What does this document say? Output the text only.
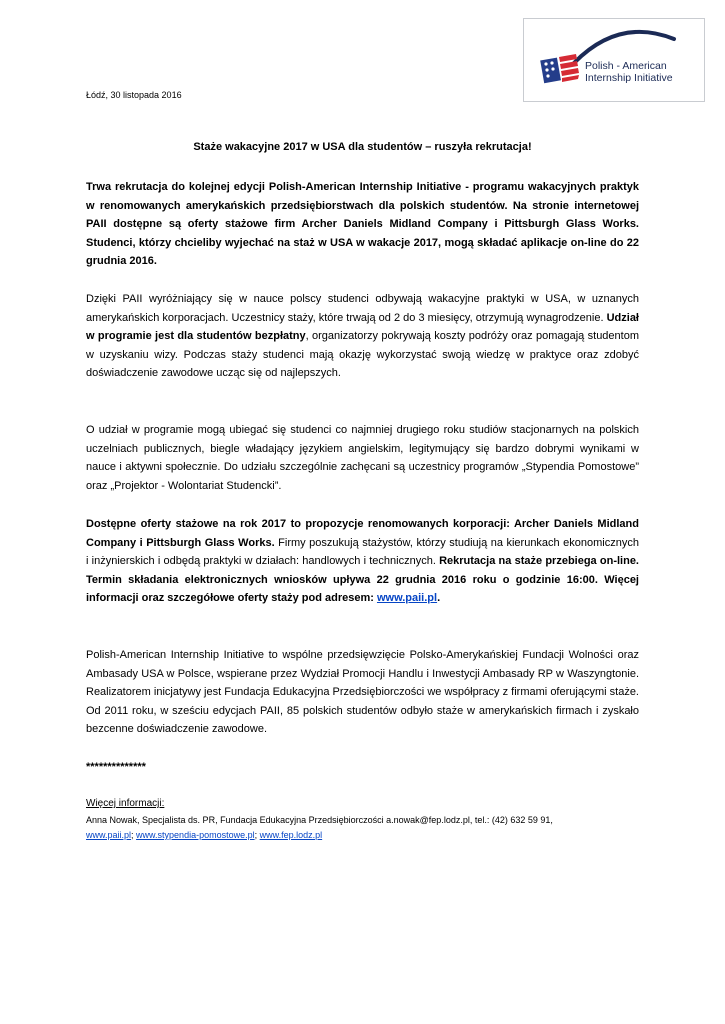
Polish - American
Internship Initiative
Łódź, 30 listopada 2016
Staże wakacyjne 2017 w USA dla studentów – ruszyła rekrutacja!

Trwa rekrutacja do kolejnej edycji Polish-American Internship Initiative - programu wakacyjnych praktyk w renomowanych amerykańskich przedsiębiorstwach dla polskich studentów. Na stronie internetowej PAII dostępne są oferty stażowe firm Archer Daniels Midland Company i Pittsburgh Glass Works. Studenci, którzy chcieliby wyjechać na staż w USA w wakacje 2017, mogą składać aplikacje on-line do 22 grudnia 2016.

Dzięki PAII wyróżniający się w nauce polscy studenci odbywają wakacyjne praktyki w USA, w uznanych amerykańskich korporacjach. Uczestnicy staży, które trwają od 2 do 3 miesięcy, otrzymują wynagrodzenie. Udział w programie jest dla studentów bezpłatny, organizatorzy pokrywają koszty podróży oraz pomagają studentom w uzyskaniu wizy. Podczas staży studenci mają okazję wykorzystać swoją wiedzę w praktyce oraz zdobyć doświadczenie zawodowe ucząc się od najlepszych.

O udział w programie mogą ubiegać się studenci co najmniej drugiego roku studiów stacjonarnych na polskich uczelniach publicznych, biegle władający językiem angielskim, legitymujący się bardzo dobrymi wynikami w nauce i aktywni społecznie. Do udziału szczególnie zachęcani są uczestnicy programów „Stypendia Pomostowe” oraz „Projektor - Wolontariat Studencki”.

Dostępne oferty stażowe na rok 2017 to propozycje renomowanych korporacji: Archer Daniels Midland Company i Pittsburgh Glass Works. Firmy poszukują stażystów, którzy studiują na kierunkach ekonomicznych i inżynierskich i odbędą praktyki w działach: handlowych i technicznych. Rekrutacja na staże przebiega on-line. Termin składania elektronicznych wniosków upływa 22 grudnia 2016 roku o godzinie 16:00. Więcej informacji oraz szczegółowe oferty staży pod adresem: www.paii.pl.

Polish-American Internship Initiative to wspólne przedsięwzięcie Polsko-Amerykańskiej Fundacji Wolności oraz Ambasady USA w Polsce, wspierane przez Wydział Promocji Handlu i Inwestycji Ambasady RP w Waszyngtonie. Realizatorem inicjatywy jest Fundacja Edukacyjna Przedsiębiorczości we współpracy z firmami oferującymi staże. Od 2011 roku, w sześciu edycjach PAII, 85 polskich studentów odbyło staże w amerykańskich firmach i zyskało bezcenne doświadczenie zawodowe.

**************
Więcej informacji:
Anna Nowak, Specjalista ds. PR, Fundacja Edukacyjna Przedsiębiorczości a.nowak@fep.lodz.pl, tel.: (42) 632 59 91,
www.paii.pl; www.stypendia-pomostowe.pl; www.fep.lodz.pl
